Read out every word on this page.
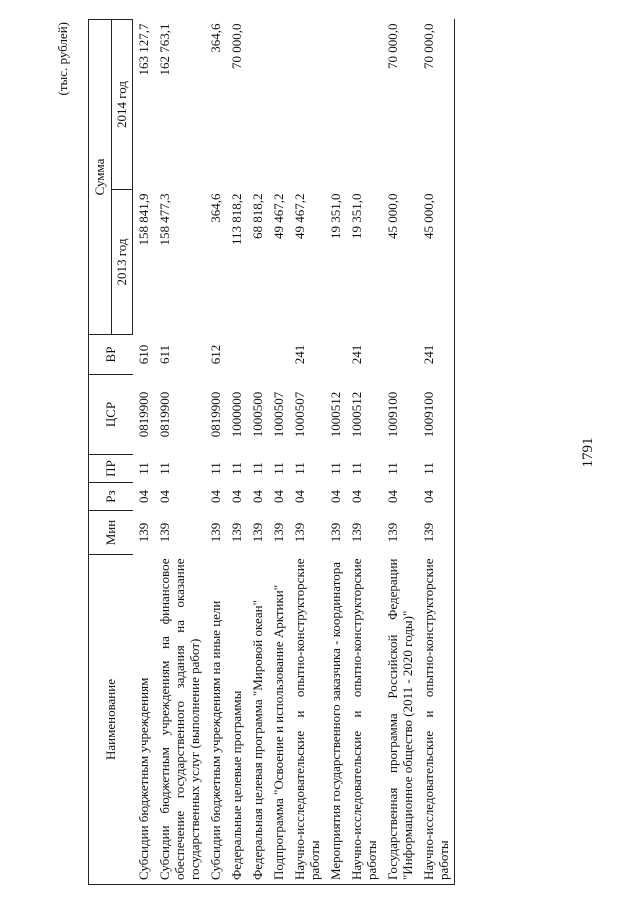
(тыс. рублей)
Наименование	Мин	Рз	ПР	ЦСР	ВР	Сумма	
						2013 год	2014 год
Субсидии бюджетным учреждениям	139	04	11	0819900	610	158 841,9	163 127,7
Субсидии бюджетным учреждениям на финансовое обеспечение государственного задания на оказание государственных услуг (выполнение работ)	139	04	11	0819900	611	158 477,3	162 763,1
Субсидии бюджетным учреждениям на иные цели	139	04	11	0819900	612	364,6	364,6
Федеральные целевые программы	139	04	11	1000000		113 818,2	70 000,0
Федеральная целевая программа "Мировой океан"	139	04	11	1000500		68 818,2	
Подпрограмма "Освоение и использование Арктики"	139	04	11	1000507		49 467,2	
Научно-исследовательские и опытно-конструкторские работы	139	04	11	1000507	241	49 467,2	
Мероприятия государственного заказчика - координатора	139	04	11	1000512		19 351,0	
Научно-исследовательские и опытно-конструкторские работы	139	04	11	1000512	241	19 351,0	
Государственная программа Российской Федерации "Информационное общество (2011 - 2020 годы)"	139	04	11	1009100		45 000,0	70 000,0
Научно-исследовательские и опытно-конструкторские работы	139	04	11	1009100	241	45 000,0	70 000,0
1791
